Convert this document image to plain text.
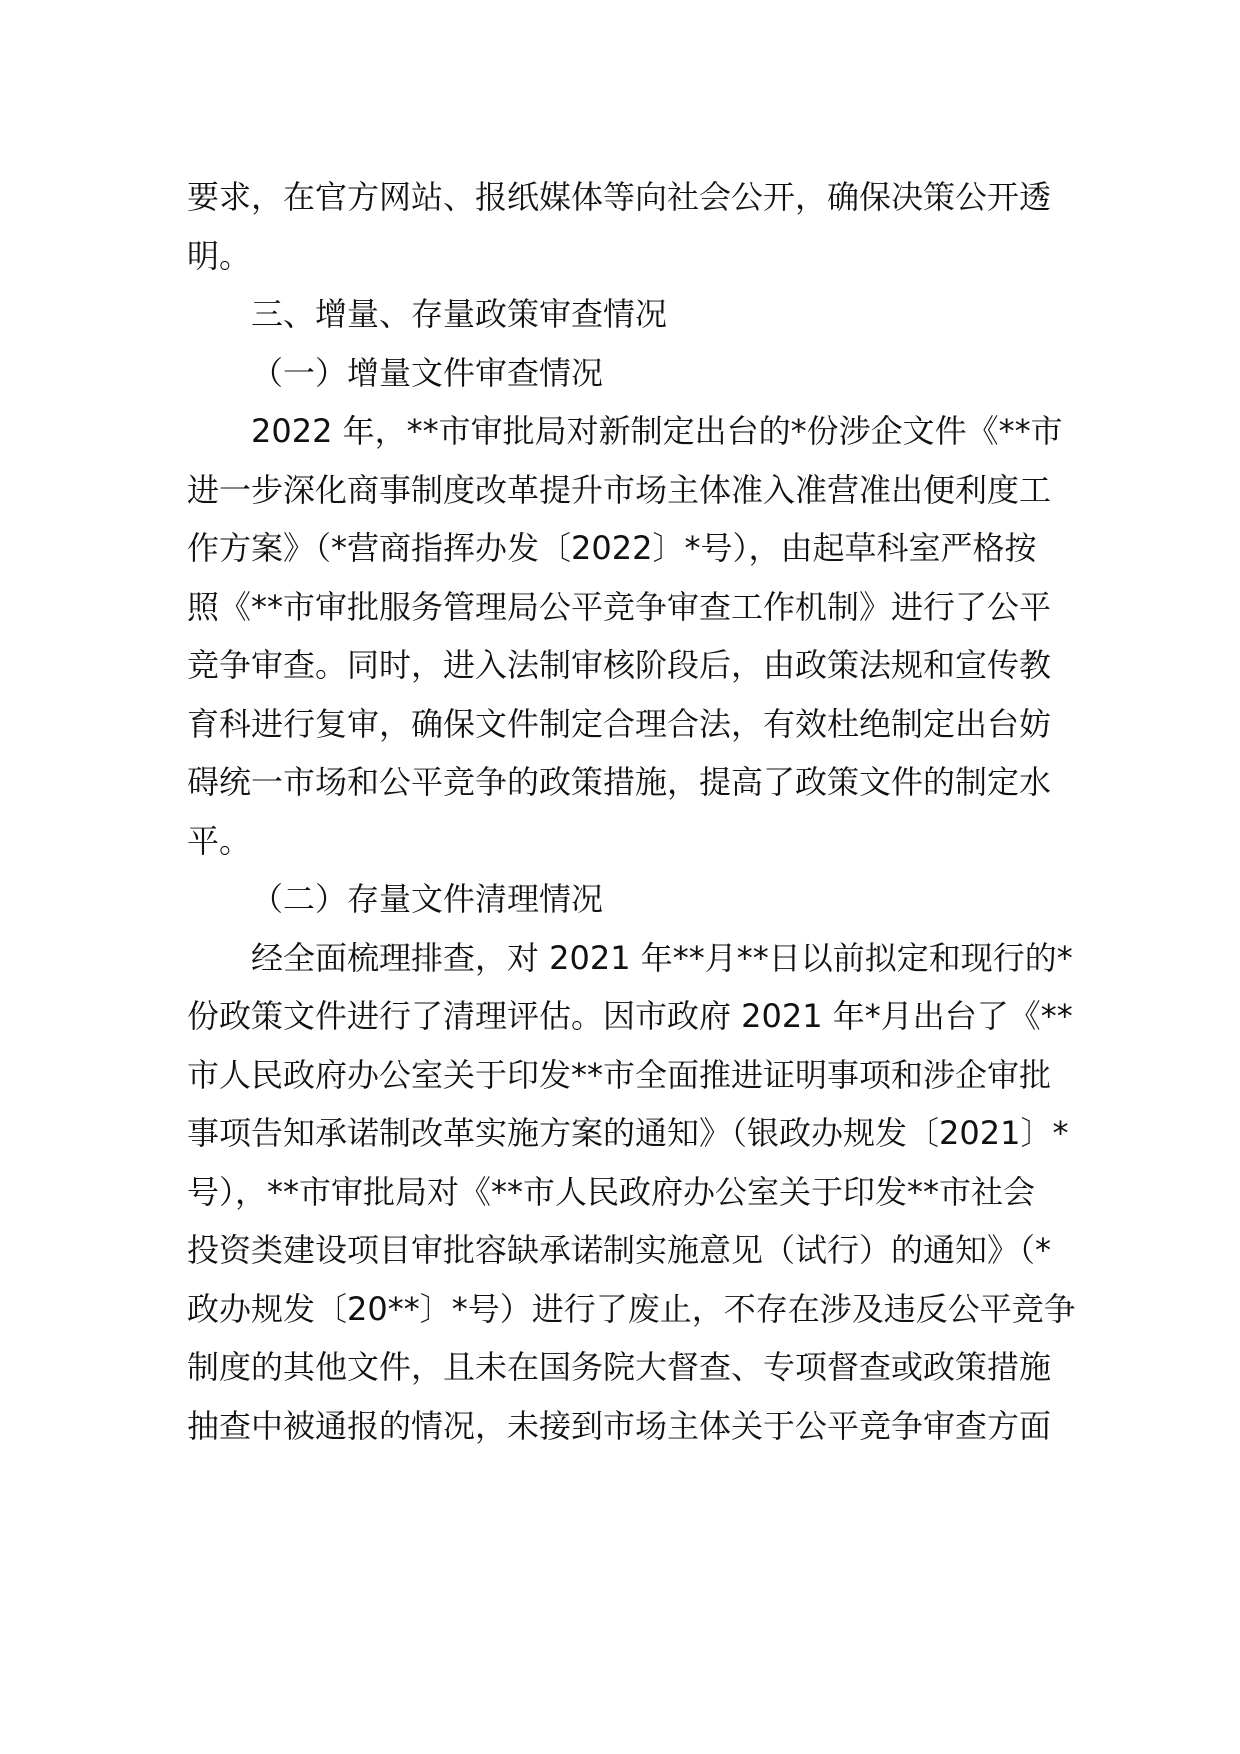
要求，在官方网站、报纸媒体等向社会公开，确保决策公开透
明。
三、增量、存量政策审查情况
（一）增量文件审查情况
2022 年，**市审批局对新制定出台的*份涉企文件《**市
进一步深化商事制度改革提升市场主体准入准营准出便利度工
作方案》（*营商指挥办发〔2022〕*号），由起草科室严格按
照《**市审批服务管理局公平竞争审查工作机制》进行了公平
竞争审查。同时，进入法制审核阶段后，由政策法规和宣传教
育科进行复审，确保文件制定合理合法，有效杜绝制定出台妨
碍统一市场和公平竞争的政策措施，提高了政策文件的制定水
平。
（二）存量文件清理情况
经全面梳理排查，对 2021 年**月**日以前拟定和现行的*
份政策文件进行了清理评估。因市政府 2021 年*月出台了《**
市人民政府办公室关于印发**市全面推进证明事项和涉企审批
事项告知承诺制改革实施方案的通知》（银政办规发〔2021〕*
号），**市审批局对《**市人民政府办公室关于印发**市社会
投资类建设项目审批容缺承诺制实施意见（试行）的通知》（*
政办规发〔20**〕*号）进行了废止，不存在涉及违反公平竞争
制度的其他文件，且未在国务院大督查、专项督查或政策措施
抽查中被通报的情况，未接到市场主体关于公平竞争审查方面
